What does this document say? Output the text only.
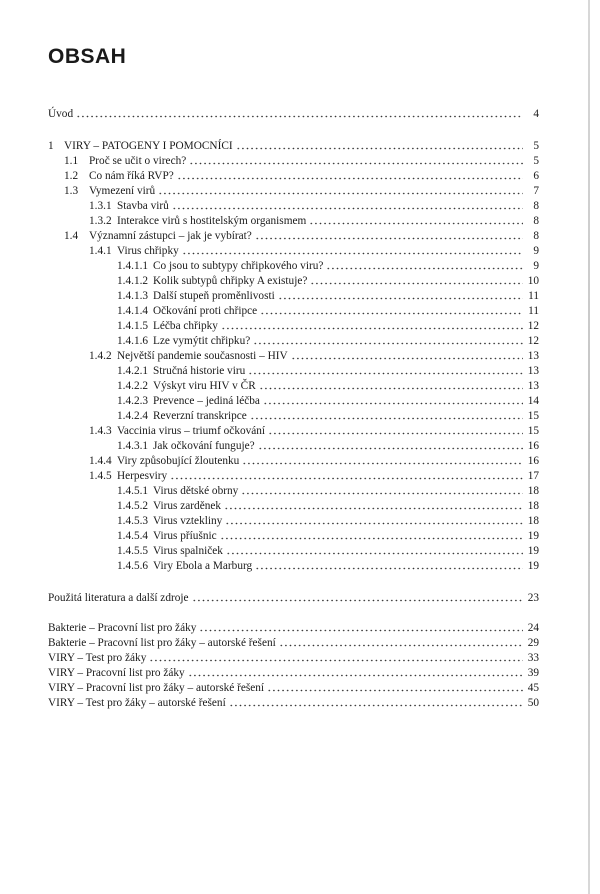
OBSAH
Úvod	4
1 VIRY – PATOGENY I POMOCNÍCI	5
1.1 Proč se učit o virech?	5
1.2 Co nám říká RVP?	6
1.3 Vymezení virů	7
1.3.1 Stavba virů	8
1.3.2 Interakce virů s hostitelským organismem	8
1.4 Významní zástupci – jak je vybírat?	8
1.4.1 Virus chřipky	9
1.4.1.1 Co jsou to subtypy chřipkového viru?	9
1.4.1.2 Kolik subtypů chřipky A existuje?	10
1.4.1.3 Další stupeň proměnlivosti	11
1.4.1.4 Očkování proti chřipce	11
1.4.1.5 Léčba chřipky	12
1.4.1.6 Lze vymýtit chřipku?	12
1.4.2 Největší pandemie současnosti – HIV	13
1.4.2.1 Stručná historie viru	13
1.4.2.2 Výskyt viru HIV v ČR	13
1.4.2.3 Prevence – jediná léčba	14
1.4.2.4 Reverzní transkripce	15
1.4.3 Vaccinia virus – triumf očkování	15
1.4.3.1 Jak očkování funguje?	16
1.4.4 Viry způsobující žloutenku	16
1.4.5 Herpesviry	17
1.4.5.1 Virus dětské obrny	18
1.4.5.2 Virus zarděnek	18
1.4.5.3 Virus vztekliny	18
1.4.5.4 Virus příušnic	19
1.4.5.5 Virus spalniček	19
1.4.5.6 Viry Ebola a Marburg	19
Použitá literatura a další zdroje	23
Bakterie – Pracovní list pro žáky	24
Bakterie – Pracovní list pro žáky – autorské řešení	29
VIRY – Test pro žáky	33
VIRY – Pracovní list pro žáky	39
VIRY – Pracovní list pro žáky – autorské řešení	45
VIRY – Test pro žáky – autorské řešení	50
